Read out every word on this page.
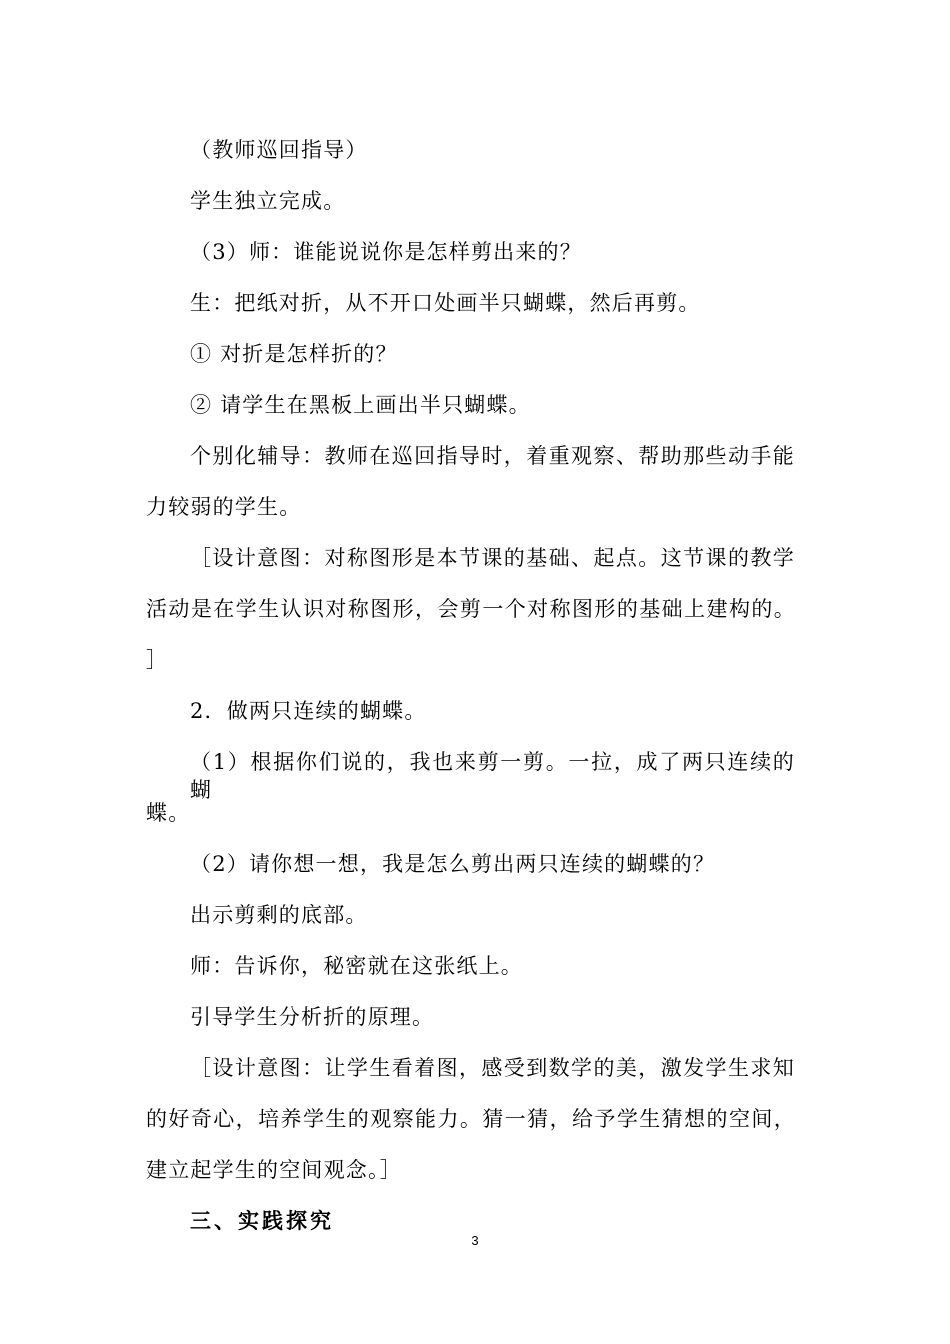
（教师巡回指导）
学生独立完成。
（3）师：谁能说说你是怎样剪出来的？
生：把纸对折，从不开口处画半只蝴蝶，然后再剪。
① 对折是怎样折的？
② 请学生在黑板上画出半只蝴蝶。
个别化辅导：教师在巡回指导时，着重观察、帮助那些动手能
力较弱的学生。
［设计意图：对称图形是本节课的基础、起点。这节课的教学
活动是在学生认识对称图形，会剪一个对称图形的基础上建构的。
］
2．做两只连续的蝴蝶。
（1）根据你们说的，我也来剪一剪。一拉，成了两只连续的蝴
蝶。
（2）请你想一想，我是怎么剪出两只连续的蝴蝶的？
出示剪剩的底部。
师：告诉你，秘密就在这张纸上。
引导学生分析折的原理。
［设计意图：让学生看着图，感受到数学的美，激发学生求知
的好奇心，培养学生的观察能力。猜一猜，给予学生猜想的空间，
建立起学生的空间观念。］
三、实践探究
3
